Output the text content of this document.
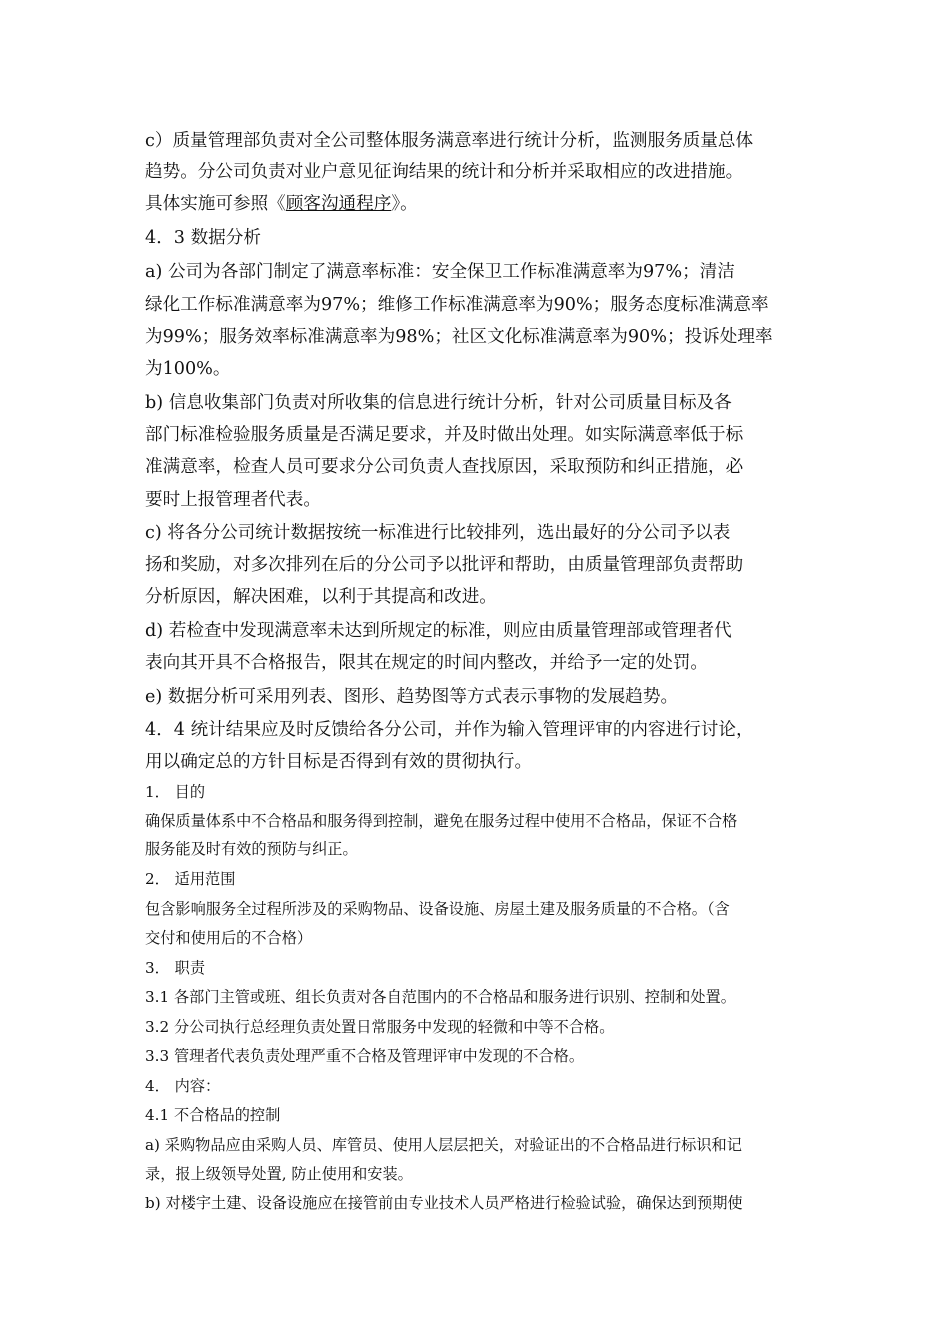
c）质量管理部负责对全公司整体服务满意率进行统计分析，监测服务质量总体
趋势。分公司负责对业户意见征询结果的统计和分析并采取相应的改进措施。
具体实施可参照《顾客沟通程序》。
4．3 数据分析
a) 公司为各部门制定了满意率标准：安全保卫工作标准满意率为97%；清洁
绿化工作标准满意率为97%；维修工作标准满意率为90%；服务态度标准满意率
为99%；服务效率标准满意率为98%；社区文化标准满意率为90%；投诉处理率
为100%。
b) 信息收集部门负责对所收集的信息进行统计分析，针对公司质量目标及各
部门标准检验服务质量是否满足要求，并及时做出处理。如实际满意率低于标
准满意率，检查人员可要求分公司负责人查找原因，采取预防和纠正措施，必
要时上报管理者代表。
c) 将各分公司统计数据按统一标准进行比较排列，选出最好的分公司予以表
扬和奖励，对多次排列在后的分公司予以批评和帮助，由质量管理部负责帮助
分析原因，解决困难，以利于其提高和改进。
d) 若检查中发现满意率未达到所规定的标准，则应由质量管理部或管理者代
表向其开具不合格报告，限其在规定的时间内整改，并给予一定的处罚。
e) 数据分析可采用列表、图形、趋势图等方式表示事物的发展趋势。
4．4 统计结果应及时反馈给各分公司，并作为输入管理评审的内容进行讨论，
用以确定总的方针目标是否得到有效的贯彻执行。
1． 目的
确保质量体系中不合格品和服务得到控制，避免在服务过程中使用不合格品，保证不合格
服务能及时有效的预防与纠正。
2． 适用范围
包含影响服务全过程所涉及的采购物品、设备设施、房屋土建及服务质量的不合格。（含
交付和使用后的不合格）
3． 职责
3.1 各部门主管或班、组长负责对各自范围内的不合格品和服务进行识别、控制和处置。
3.2 分公司执行总经理负责处置日常服务中发现的轻微和中等不合格。
3.3 管理者代表负责处理严重不合格及管理评审中发现的不合格。
4． 内容：
4.1 不合格品的控制
a) 采购物品应由采购人员、库管员、使用人层层把关，对验证出的不合格品进行标识和记
录，报上级领导处置, 防止使用和安装。
b) 对楼宇土建、设备设施应在接管前由专业技术人员严格进行检验试验，确保达到预期使
